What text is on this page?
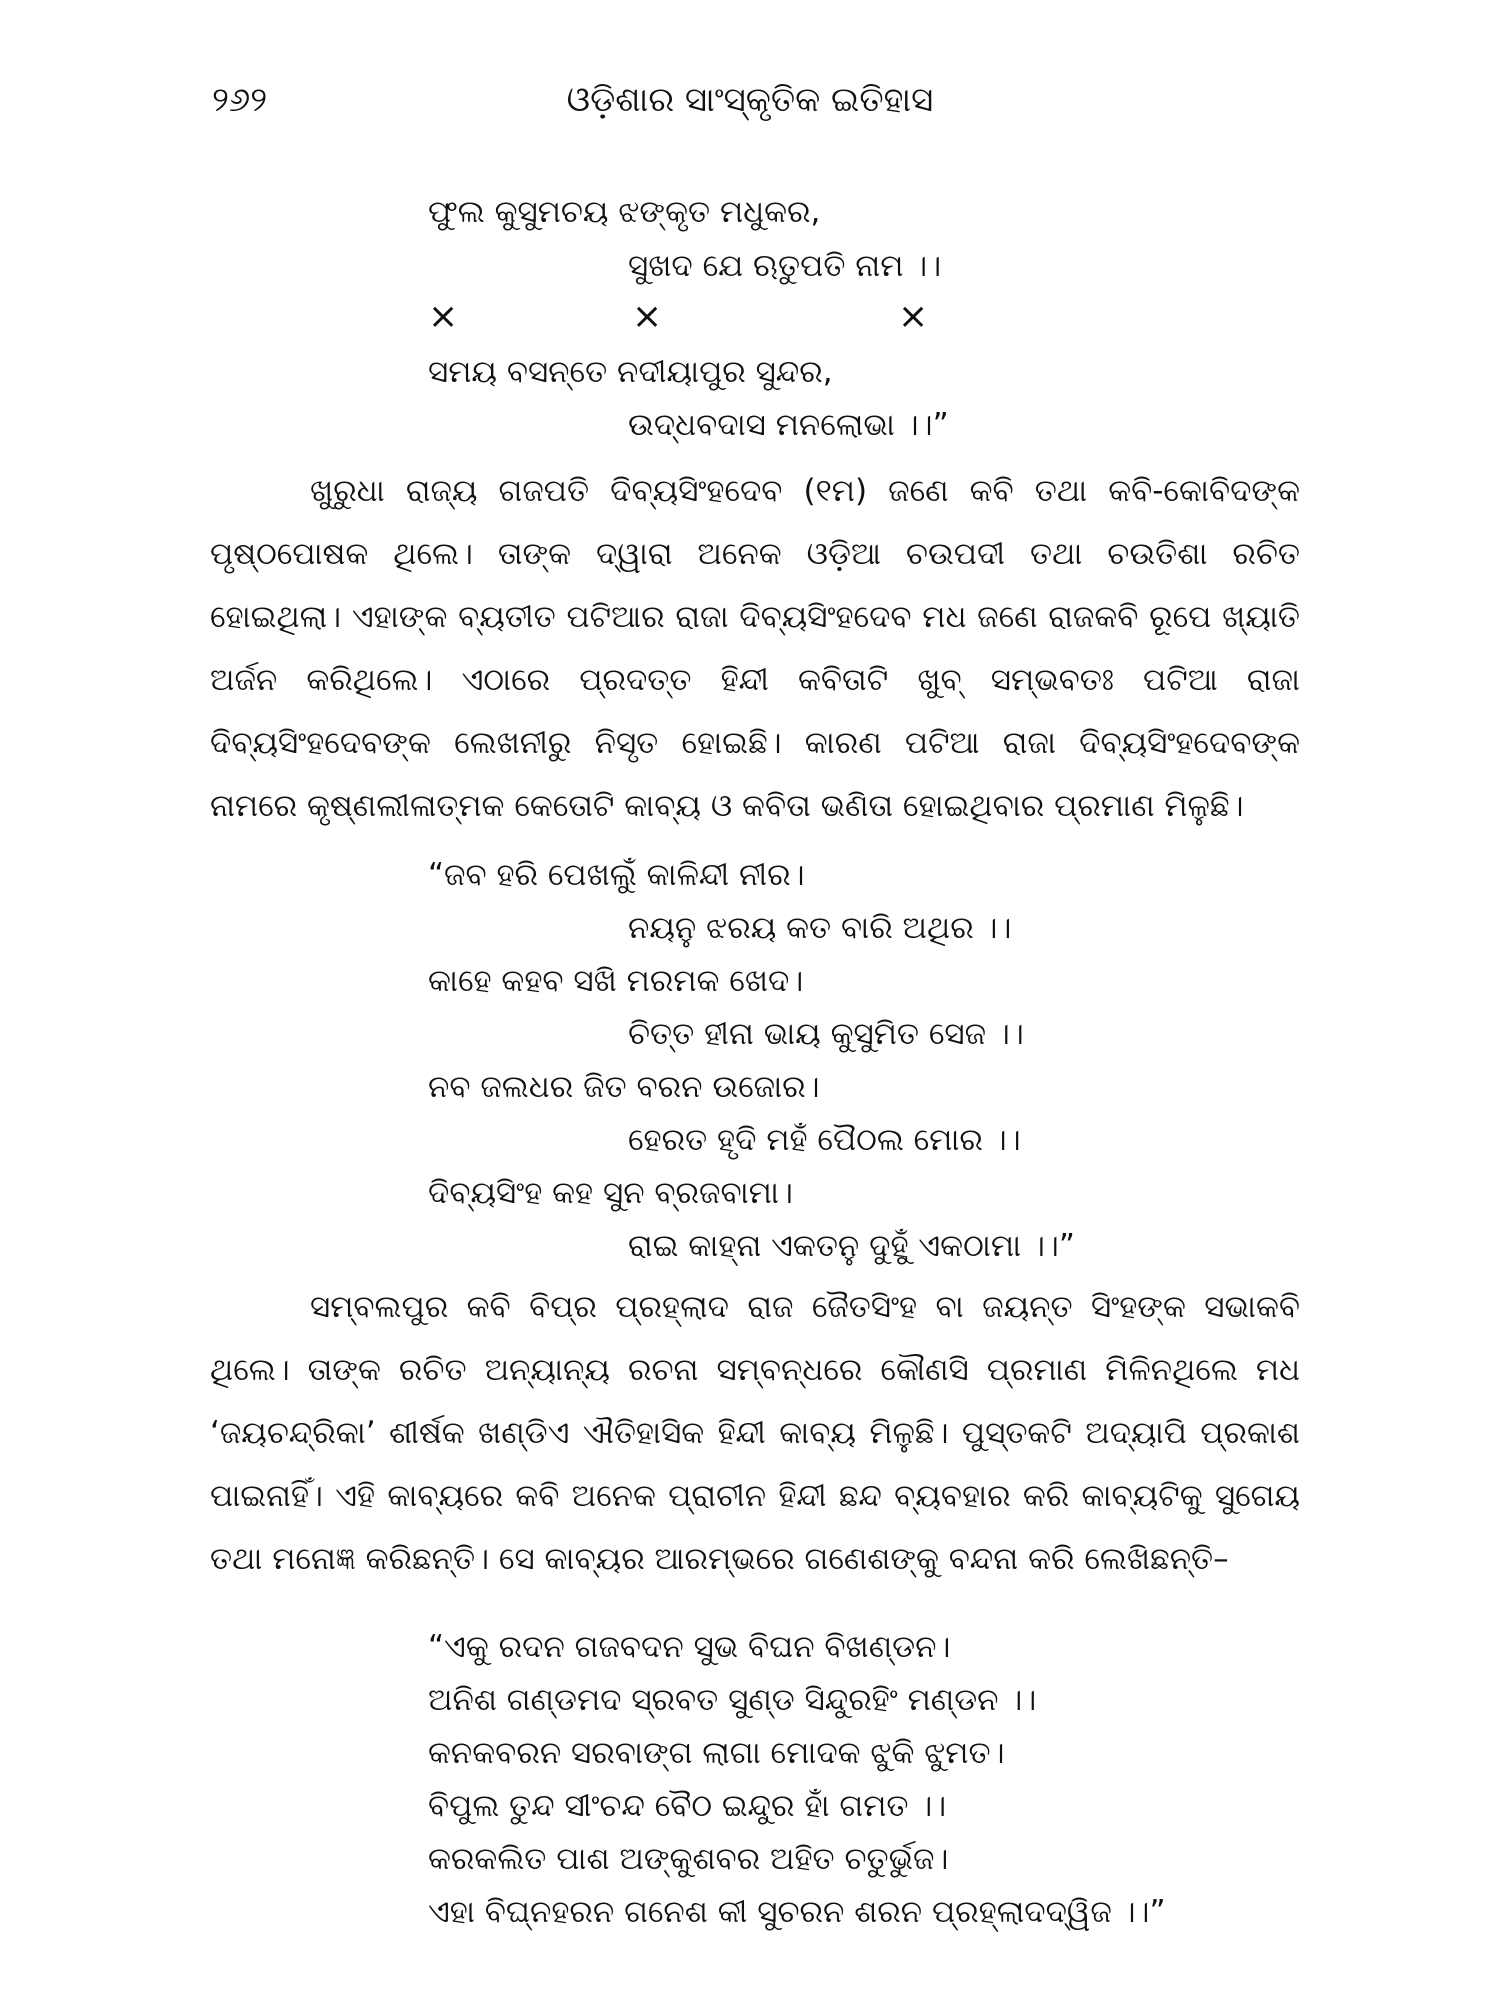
୨୬୨	ଓଡ଼ିଶାର ସାଂସ୍କୃତିକ ଇତିହାସ
ଫୁଲ କୁସୁମଚୟ ଝଙ୍କୃତ ମଧୁକର,
ସୁଖଦ ଯେ ଋତୁପତି ନାମ ।।
×	×	×
ସମୟ ବସନ୍ତେ ନଦୀୟାପୁର ସୁନ୍ଦର,
ଉଦ୍ଧବଦାସ ମନଲୋଭା ।।”
ଖୁରୁଧା ରାଜ୍ୟ ଗଜପତି ଦିବ୍ୟସିଂହଦେବ (୧ମ) ଜଣେ କବି ତଥା କବି-କୋବିଦଙ୍କ ପୃଷ୍ଠପୋଷକ ଥିଲେ। ତାଙ୍କ ଦ୍ୱାରା ଅନେକ ଓଡ଼ିଆ ଚଉପଦୀ ତଥା ଚଉତିଶା ରଚିତ ହୋଇଥିଲା। ଏହାଙ୍କ ବ୍ୟତୀତ ପଟିଆର ରାଜା ଦିବ୍ୟସିଂହଦେବ ମଧ ଜଣେ ରାଜକବି ରୂପେ ଖ୍ୟାତି ଅର୍ଜନ କରିଥିଲେ। ଏଠାରେ ପ୍ରଦତ୍ତ ହିନ୍ଦୀ କବିତାଟି ଖୁବ୍ ସମ୍ଭବତଃ ପଟିଆ ରାଜା ଦିବ୍ୟସିଂହଦେବଙ୍କ ଲେଖନୀରୁ ନିସୃତ ହୋଇଛି। କାରଣ ପଟିଆ ରାଜା ଦିବ୍ୟସିଂହଦେବଙ୍କ ନାମରେ କୃଷ୍ଣଲୀଳାତ୍ମକ କେତୋଟି କାବ୍ୟ ଓ କବିତା ଭଣିତା ହୋଇଥିବାର ପ୍ରମାଣ ମିଳୁଛି।
“ଜବ ହରି ପେଖଲୁଁ କାଳିନ୍ଦୀ ନୀର।
ନୟନୁ ଝରୟ କତ ବାରି ଅଥିର ।।
କାହେ କହବ ସଖି ମରମକ ଖେଦ।
ଚିତ୍ତ ହୀନା ଭାୟ କୁସୁମିତ ସେଜ ।।
ନବ ଜଲଧର ଜିତ ବରନ ଉଜୋର।
ହେରତ ହୃଦି ମହଁ ପୈଠଲ ମୋର ।।
ଦିବ୍ୟସିଂହ କହ ସୁନ ବ୍ରଜବାମା।
ରାଇ କାହ୍ନା ଏକତନୁ ଦୁହୁଁ ଏକଠାମା ।।”
ସମ୍ବଲପୁର କବି ବିପ୍ର ପ୍ରହ୍ଲାଦ ରାଜ ଜୈତସିଂହ ବା ଜୟନ୍ତ ସିଂହଙ୍କ ସଭାକବି ଥିଲେ। ତାଙ୍କ ରଚିତ ଅନ୍ୟାନ୍ୟ ରଚନା ସମ୍ବନ୍ଧରେ କୌଣସି ପ୍ରମାଣ ମିଳିନଥିଲେ ମଧ ‘ଜୟଚନ୍ଦ୍ରିକା’ ଶୀର୍ଷକ ଖଣ୍ଡିଏ ଐତିହାସିକ ହିନ୍ଦୀ କାବ୍ୟ ମିଳୁଛି। ପୁସ୍ତକଟି ଅଦ୍ୟାପି ପ୍ରକାଶ ପାଇନାହିଁ। ଏହି କାବ୍ୟରେ କବି ଅନେକ ପ୍ରାଚୀନ ହିନ୍ଦୀ ଛନ୍ଦ ବ୍ୟବହାର କରି କାବ୍ୟଟିକୁ ସୁଗେୟ ତଥା ମନୋଜ୍ଞ କରିଛନ୍ତି। ସେ କାବ୍ୟର ଆରମ୍ଭରେ ଗଣେଶଙ୍କୁ ବନ୍ଦନା କରି ଲେଖିଛନ୍ତି–
“ଏକୁ ରଦନ ଗଜବଦନ ସୁଭ ବିଘନ ବିଖଣ୍ଡନ।
ଅନିଶ ଗଣ୍ଡମଦ ସ୍ରବତ ସୁଣ୍ଡ ସିନ୍ଦୁରହିଂ ମଣ୍ଡନ ।।
କନକବରନ ସରବାଙ୍ଗ ଲାଗା ମୋଦକ ଝୁକି ଝୁମତ।
ବିପୁଲ ତୁନ୍ଦ ସୀଂଚନ୍ଦ ବୈଠ ଇନ୍ଦୁର ହାଁ ଗମତ ।।
କରକଲିତ ପାଶ ଅଙ୍କୁଶବର ଅହିତ ଚତୁର୍ଭୁଜ।
ଏହା ବିଘ୍ନହରନ ଗନେଶ କୀ ସୁଚରନ ଶରନ ପ୍ରହ୍ଲାଦଦ୍ୱିଜ ।।”
